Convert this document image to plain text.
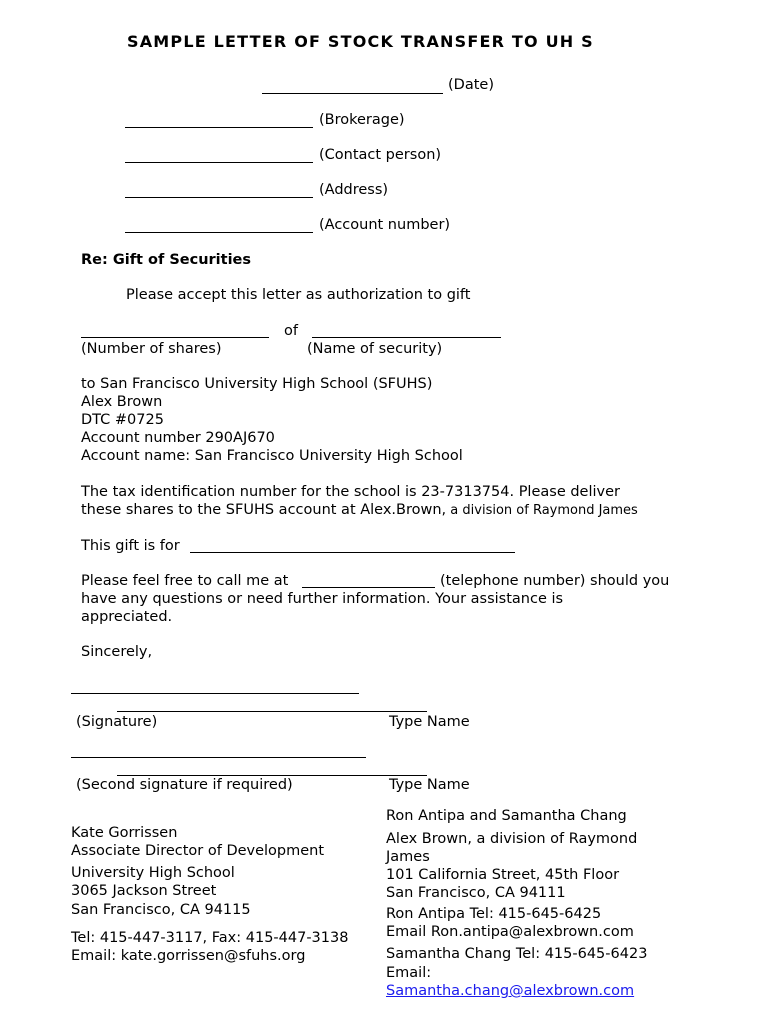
SAMPLE LETTER OF STOCK TRANSFER TO UH S
(Date)
(Brokerage)
(Contact person)
(Address)
(Account number)
Re: Gift of Securities
Please accept this letter as authorization to gift
of
(Number of shares)	(Name of security)
to San Francisco University High School (SFUHS)
Alex Brown
DTC #0725
Account number 290AJ670
Account name: San Francisco University High School
The tax identification number for the school is 23-7313754. Please deliver
these shares to the SFUHS account at Alex.Brown, a division of Raymond James
This gift is for
Please feel free to call me at	(telephone number) should you
have any questions or need further information. Your assistance is
appreciated.
Sincerely,
(Signature)	Type Name
(Second signature if required)	Type Name
Kate Gorrissen
Associate Director of Development
University High School
3065 Jackson Street
San Francisco, CA 94115
Tel: 415-447-3117, Fax: 415-447-3138
Email: kate.gorrissen@sfuhs.org
Ron Antipa and Samantha Chang
Alex Brown, a division of Raymond
James
101 California Street, 45th Floor
San Francisco, CA 94111
Ron Antipa Tel: 415-645-6425
Email Ron.antipa@alexbrown.com
Samantha Chang Tel: 415-645-6423
Email:
Samantha.chang@alexbrown.com
